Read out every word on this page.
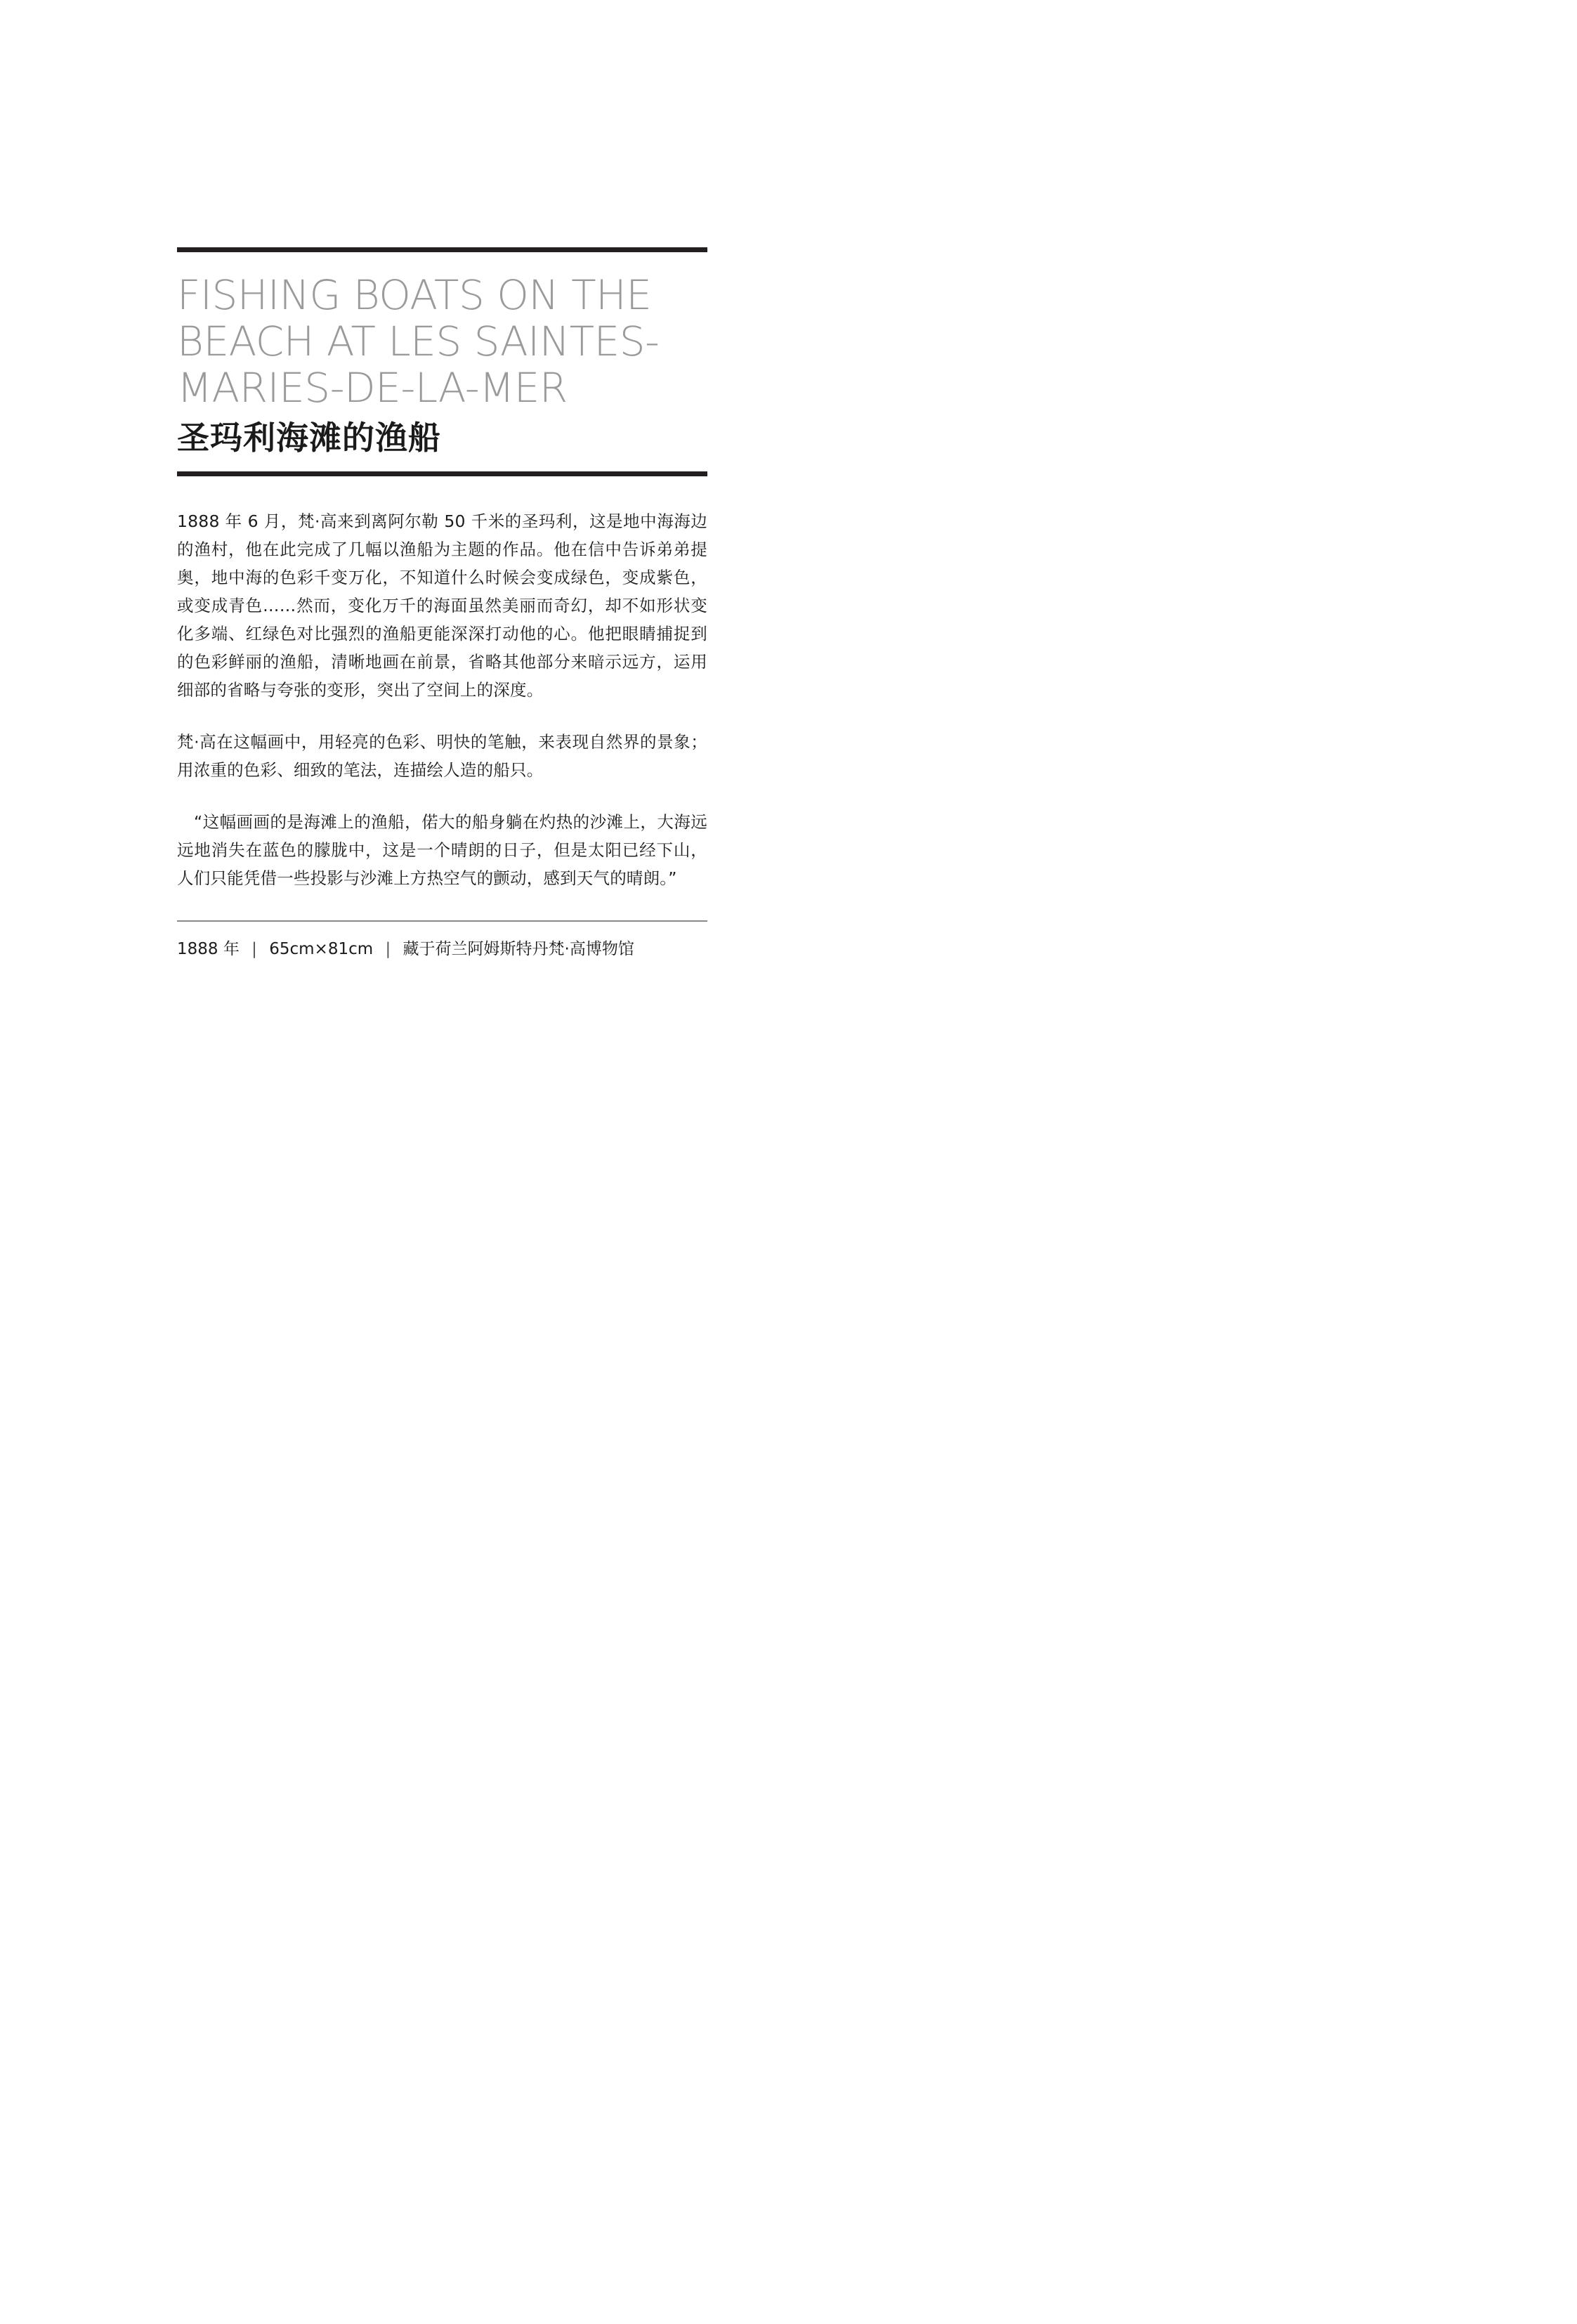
FISHING BOATS ON THE
BEACH AT LES SAINTES-
MARIES-DE-LA-MER
圣玛利海滩的渔船

1888 年 6 月，梵·高来到离阿尔勒 50 千米的圣玛利，这是地中海海边的渔村，他在此完成了几幅以渔船为主题的作品。他在信中告诉弟弟提奥，地中海的色彩千变万化，不知道什么时候会变成绿色，变成紫色，或变成青色……然而，变化万千的海面虽然美丽而奇幻，却不如形状变化多端、红绿色对比强烈的渔船更能深深打动他的心。他把眼睛捕捉到的色彩鲜丽的渔船，清晰地画在前景，省略其他部分来暗示远方，运用细部的省略与夸张的变形，突出了空间上的深度。

梵·高在这幅画中，用轻亮的色彩、明快的笔触，来表现自然界的景象；用浓重的色彩、细致的笔法，连描绘人造的船只。

“这幅画画的是海滩上的渔船，偌大的船身躺在灼热的沙滩上，大海远远地消失在蓝色的朦胧中，这是一个晴朗的日子，但是太阳已经下山，人们只能凭借一些投影与沙滩上方热空气的颤动，感到天气的晴朗。”

1888 年 | 65cm×81cm | 藏于荷兰阿姆斯特丹梵·高博物馆
